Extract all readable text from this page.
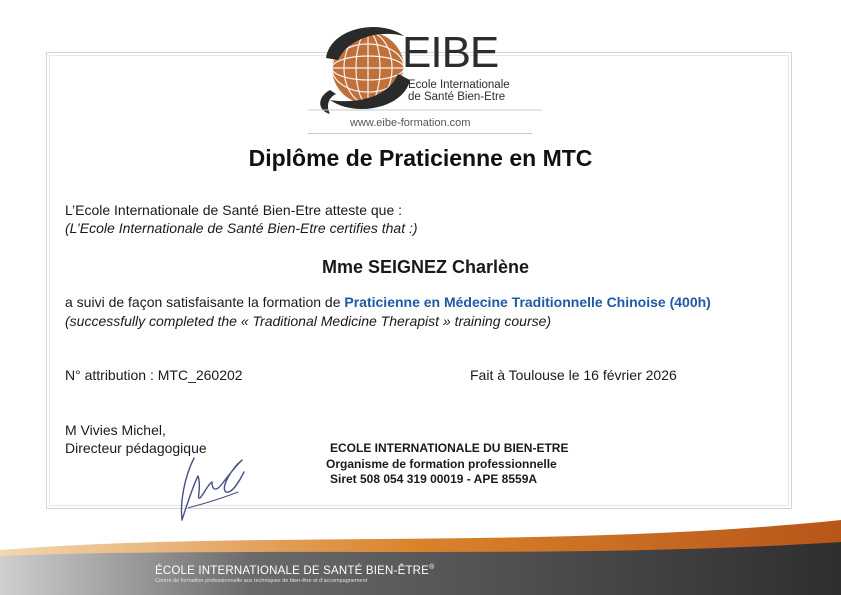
EIBE
Ecole Internationale
de Santé Bien-Etre
www.eibe-formation.com
Diplôme de Praticienne en MTC
L’Ecole Internationale de Santé Bien-Etre atteste que :
(L’Ecole Internationale de Santé Bien-Etre certifies that :)
Mme SEIGNEZ Charlène
a suivi de façon satisfaisante la formation de Praticienne en Médecine Traditionnelle Chinoise (400h)
(successfully completed the « Traditional Medicine Therapist » training course)
N° attribution : MTC_260202	Fait à Toulouse le 16 février 2026
M Vivies Michel,
Directeur pédagogique	ECOLE INTERNATIONALE DU BIEN-ETRE
Organisme de formation professionnelle
Siret 508 054 319 00019 - APE 8559A
ÉCOLE INTERNATIONALE DE SANTÉ BIEN-ÊTRE®
Centre de formation professionnelle aux techniques de bien-être et d’accompagnement
